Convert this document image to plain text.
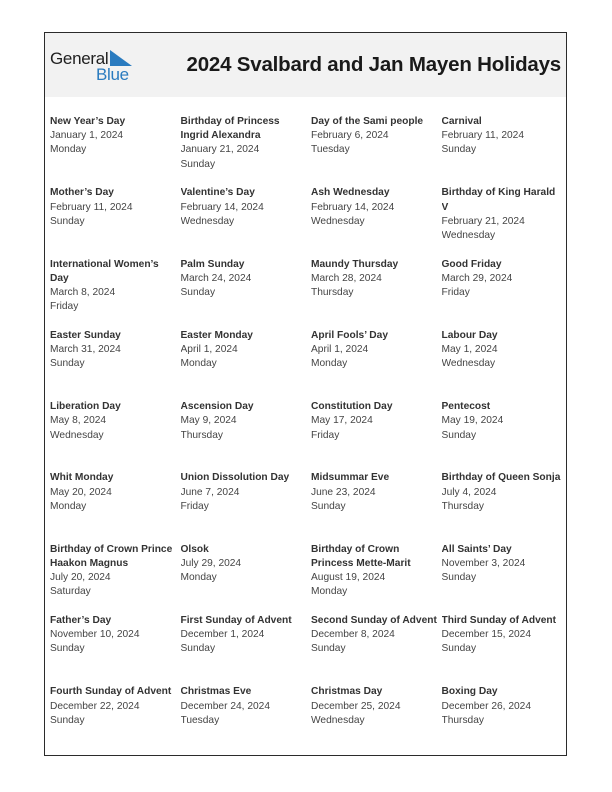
General
Blue	2024 Svalbard and Jan Mayen Holidays
New Year’s Day
January 1, 2024
Monday
Birthday of Princess Ingrid Alexandra
January 21, 2024
Sunday
Day of the Sami people
February 6, 2024
Tuesday
Carnival
February 11, 2024
Sunday
Mother’s Day
February 11, 2024
Sunday
Valentine’s Day
February 14, 2024
Wednesday
Ash Wednesday
February 14, 2024
Wednesday
Birthday of King Harald V
February 21, 2024
Wednesday
International Women’s Day
March 8, 2024
Friday
Palm Sunday
March 24, 2024
Sunday
Maundy Thursday
March 28, 2024
Thursday
Good Friday
March 29, 2024
Friday
Easter Sunday
March 31, 2024
Sunday
Easter Monday
April 1, 2024
Monday
April Fools’ Day
April 1, 2024
Monday
Labour Day
May 1, 2024
Wednesday
Liberation Day
May 8, 2024
Wednesday
Ascension Day
May 9, 2024
Thursday
Constitution Day
May 17, 2024
Friday
Pentecost
May 19, 2024
Sunday
Whit Monday
May 20, 2024
Monday
Union Dissolution Day
June 7, 2024
Friday
Midsummar Eve
June 23, 2024
Sunday
Birthday of Queen Sonja
July 4, 2024
Thursday
Birthday of Crown Prince Haakon Magnus
July 20, 2024
Saturday
Olsok
July 29, 2024
Monday
Birthday of Crown Princess Mette-Marit
August 19, 2024
Monday
All Saints’ Day
November 3, 2024
Sunday
Father’s Day
November 10, 2024
Sunday
First Sunday of Advent
December 1, 2024
Sunday
Second Sunday of Advent
December 8, 2024
Sunday
Third Sunday of Advent
December 15, 2024
Sunday
Fourth Sunday of Advent
December 22, 2024
Sunday
Christmas Eve
December 24, 2024
Tuesday
Christmas Day
December 25, 2024
Wednesday
Boxing Day
December 26, 2024
Thursday
